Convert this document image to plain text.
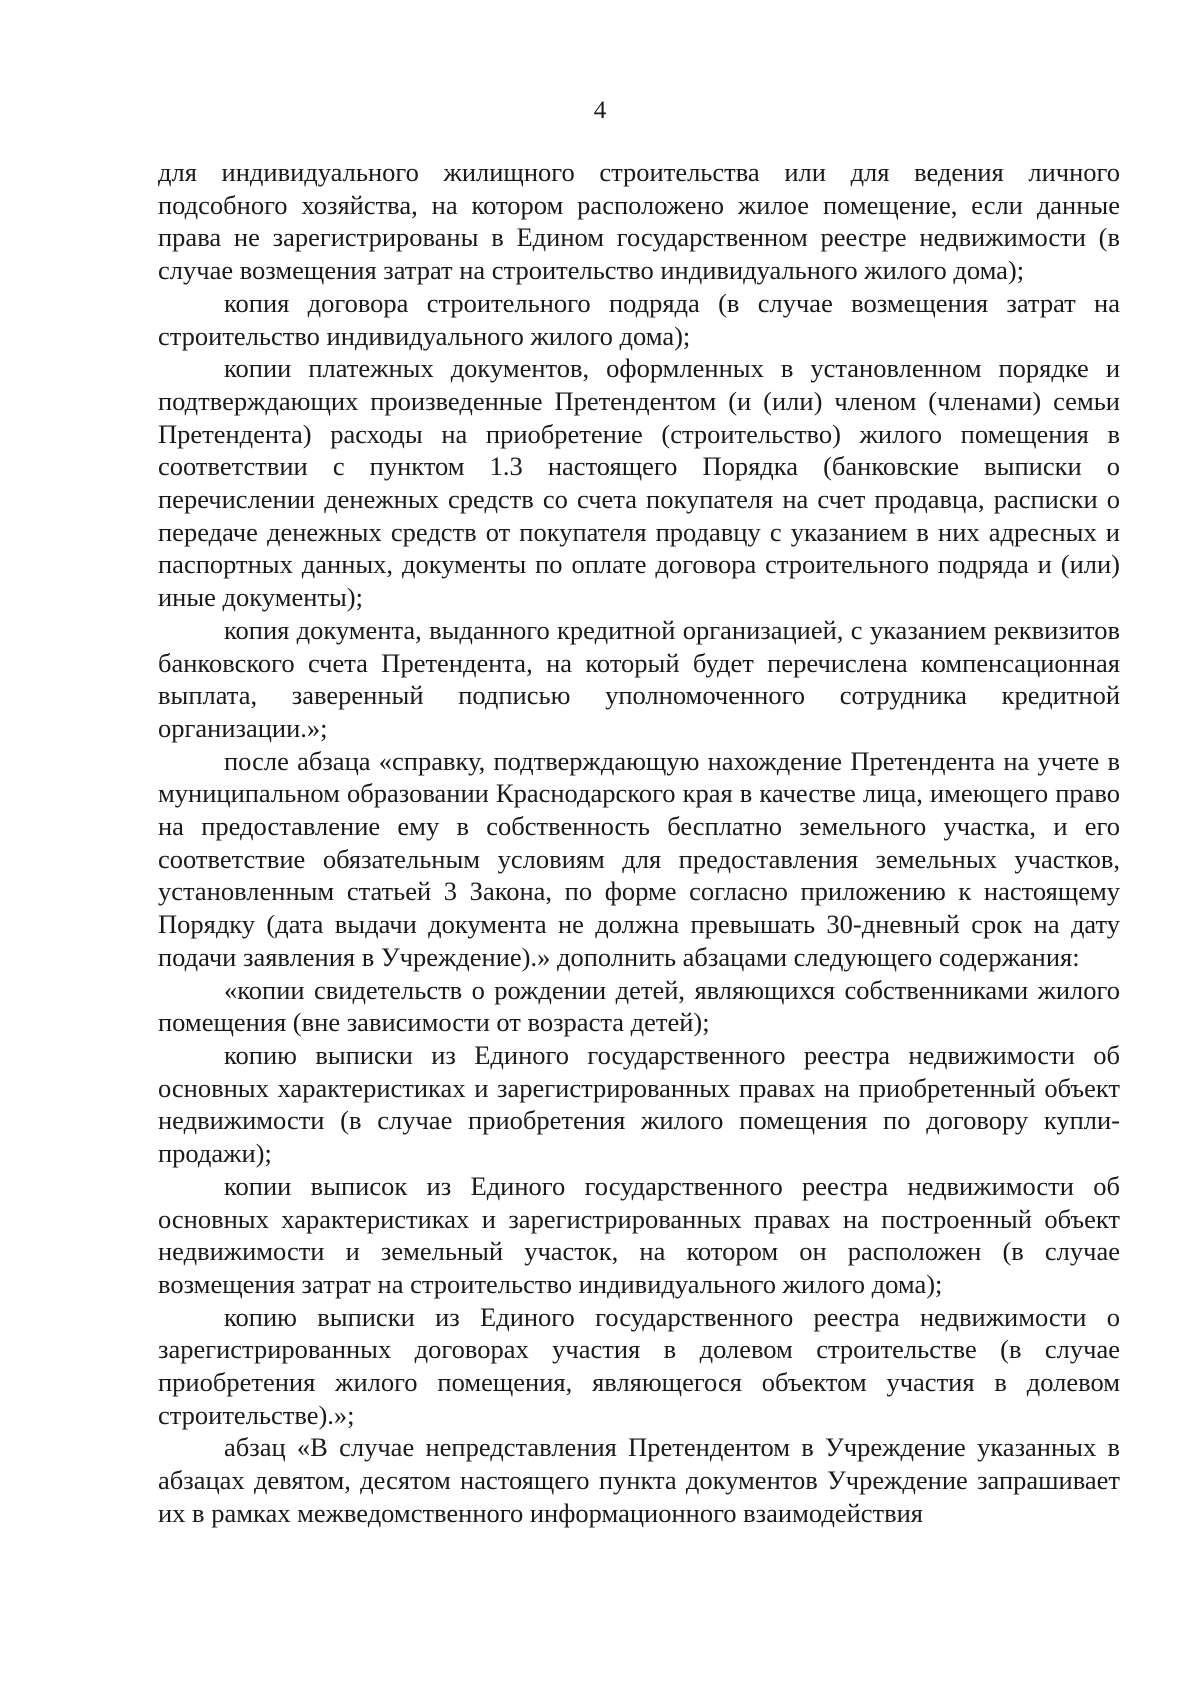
4

для индивидуального жилищного строительства или для ведения личного подсобного хозяйства, на котором расположено жилое помещение, если данные права не зарегистрированы в Едином государственном реестре недвижимости (в случае возмещения затрат на строительство индивидуального жилого дома);

копия договора строительного подряда (в случае возмещения затрат на строительство индивидуального жилого дома);

копии платежных документов, оформленных в установленном порядке и подтверждающих произведенные Претендентом (и (или) членом (членами) семьи Претендента) расходы на приобретение (строительство) жилого помещения в соответствии с пунктом 1.3 настоящего Порядка (банковские выписки о перечислении денежных средств со счета покупателя на счет продавца, расписки о передаче денежных средств от покупателя продавцу с указанием в них адресных и паспортных данных, документы по оплате договора строительного подряда и (или) иные документы);

копия документа, выданного кредитной организацией, с указанием реквизитов банковского счета Претендента, на который будет перечислена компенсационная выплата, заверенный подписью уполномоченного сотрудника кредитной организации.»;

после абзаца «справку, подтверждающую нахождение Претендента на учете в муниципальном образовании Краснодарского края в качестве лица, имеющего право на предоставление ему в собственность бесплатно земельного участка, и его соответствие обязательным условиям для предоставления земельных участков, установленным статьей 3 Закона, по форме согласно приложению к настоящему Порядку (дата выдачи документа не должна превышать 30-дневный срок на дату подачи заявления в Учреждение).» дополнить абзацами следующего содержания:

«копии свидетельств о рождении детей, являющихся собственниками жилого помещения (вне зависимости от возраста детей);

копию выписки из Единого государственного реестра недвижимости об основных характеристиках и зарегистрированных правах на приобретенный объект недвижимости (в случае приобретения жилого помещения по договору купли-продажи);

копии выписок из Единого государственного реестра недвижимости об основных характеристиках и зарегистрированных правах на построенный объект недвижимости и земельный участок, на котором он расположен (в случае возмещения затрат на строительство индивидуального жилого дома);

копию выписки из Единого государственного реестра недвижимости о зарегистрированных договорах участия в долевом строительстве (в случае приобретения жилого помещения, являющегося объектом участия в долевом строительстве).»;

абзац «В случае непредставления Претендентом в Учреждение указанных в абзацах девятом, десятом настоящего пункта документов Учреждение запрашивает их в рамках межведомственного информационного взаимодействия
